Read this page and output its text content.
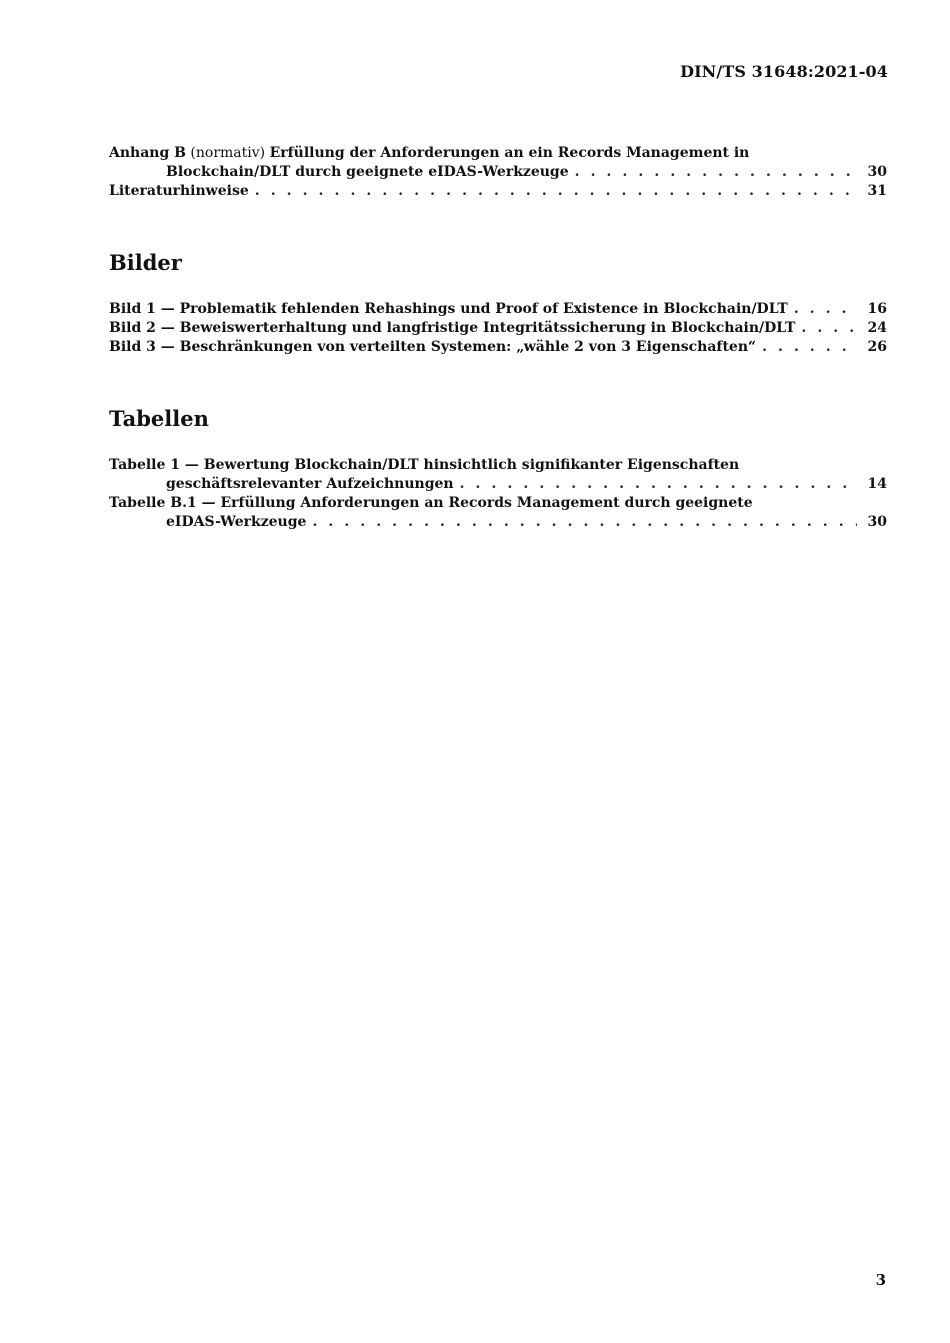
DIN/TS 31648:2021-04
Anhang B
(normativ)
Erfüllung der Anforderungen an ein Records Management in
Blockchain/DLT durch geeignete eIDAS-Werkzeuge . . .	30
Literaturhinweise . . .	31
Bilder
Bild 1 — Problematik fehlenden Rehashings und Proof of Existence in Blockchain/DLT . . .	16
Bild 2 — Beweiswerterhaltung und langfristige Integritätssicherung in Blockchain/DLT . . .	24
Bild 3 — Beschränkungen von verteilten Systemen: „wähle 2 von 3 Eigenschaften“ . . .	26
Tabellen
Tabelle 1 — Bewertung Blockchain/DLT hinsichtlich signifikanter Eigenschaften
geschäftsrelevanter Aufzeichnungen . . .	14
Tabelle B.1 — Erfüllung Anforderungen an Records Management durch geeignete
eIDAS-Werkzeuge . . .	30
3
